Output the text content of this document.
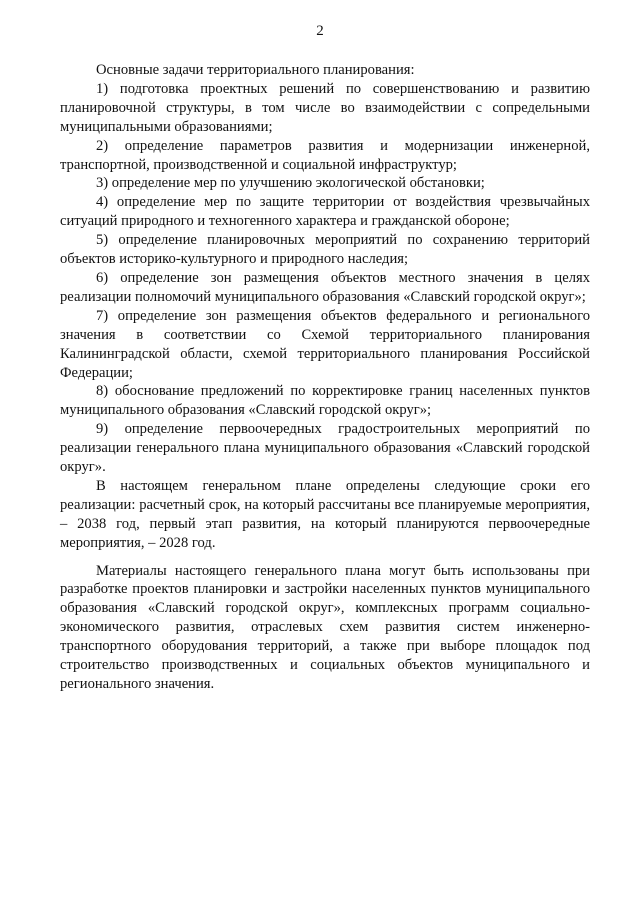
2

Основные задачи территориального планирования:

1) подготовка проектных решений по совершенствованию и развитию планировочной структуры, в том числе во взаимодействии с сопредельными муниципальными образованиями;

2) определение параметров развития и модернизации инженерной, транспортной, производственной и социальной инфраструктур;

3) определение мер по улучшению экологической обстановки;

4) определение мер по защите территории от воздействия чрезвычайных ситуаций природного и техногенного характера и гражданской обороне;

5) определение планировочных мероприятий по сохранению территорий объектов историко-культурного и природного наследия;

6) определение зон размещения объектов местного значения в целях реализации полномочий муниципального образования «Славский городской округ»;

7) определение зон размещения объектов федерального и регионального значения в соответствии со Схемой территориального планирования Калининградской области, схемой территориального планирования Российской Федерации;

8) обоснование предложений по корректировке границ населенных пунктов муниципального образования «Славский городской округ»;

9) определение первоочередных градостроительных мероприятий по реализации генерального плана муниципального образования «Славский городской округ».

В настоящем генеральном плане определены следующие сроки его реализации: расчетный срок, на который рассчитаны все планируемые мероприятия, – 2038 год, первый этап развития, на который планируются первоочередные мероприятия, – 2028 год.

Материалы настоящего генерального плана могут быть использованы при разработке проектов планировки и застройки населенных пунктов муниципального образования «Славский городской округ», комплексных программ социально-экономического развития, отраслевых схем развития систем инженерно-транспортного оборудования территорий, а также при выборе площадок под строительство производственных и социальных объектов муниципального и регионального значения.
